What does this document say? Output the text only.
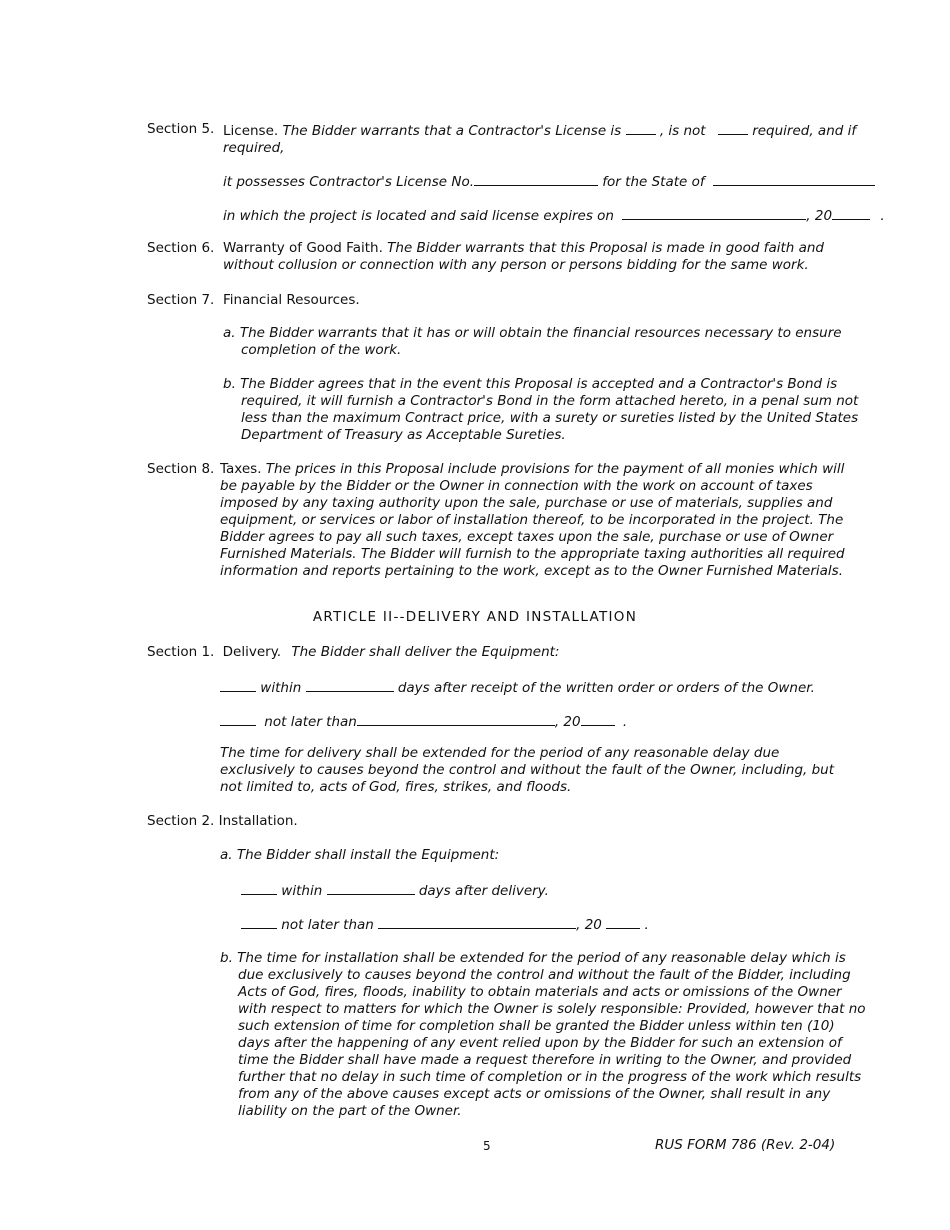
Section 5. License. The Bidder warrants that a Contractor's License is	, is not	required, and if required,
it possesses Contractor's License No.	for the State of
in which the project is located and said license expires on	, 20	.
Section 6. Warranty of Good Faith. The Bidder warrants that this Proposal is made in good faith and without collusion or connection with any person or persons bidding for the same work.
Section 7. Financial Resources.
a. The Bidder warrants that it has or will obtain the financial resources necessary to ensure completion of the work.
b. The Bidder agrees that in the event this Proposal is accepted and a Contractor's Bond is required, it will furnish a Contractor's Bond in the form attached hereto, in a penal sum not less than the maximum Contract price, with a surety or sureties listed by the United States Department of Treasury as Acceptable Sureties.
Section 8. Taxes. The prices in this Proposal include provisions for the payment of all monies which will be payable by the Bidder or the Owner in connection with the work on account of taxes imposed by any taxing authority upon the sale, purchase or use of materials, supplies and equipment, or services or labor of installation thereof, to be incorporated in the project. The Bidder agrees to pay all such taxes, except taxes upon the sale, purchase or use of Owner Furnished Materials. The Bidder will furnish to the appropriate taxing authorities all required information and reports pertaining to the work, except as to the Owner Furnished Materials.
ARTICLE II--DELIVERY AND INSTALLATION
Section 1. Delivery. The Bidder shall deliver the Equipment:
within	days after receipt of the written order or orders of the Owner.
not later than	, 20	.
The time for delivery shall be extended for the period of any reasonable delay due exclusively to causes beyond the control and without the fault of the Owner, including, but not limited to, acts of God, fires, strikes, and floods.
Section 2. Installation.
a. The Bidder shall install the Equipment:
within	days after delivery.
not later than	, 20	.
b. The time for installation shall be extended for the period of any reasonable delay which is due exclusively to causes beyond the control and without the fault of the Bidder, including Acts of God, fires, floods, inability to obtain materials and acts or omissions of the Owner with respect to matters for which the Owner is solely responsible: Provided, however that no such extension of time for completion shall be granted the Bidder unless within ten (10) days after the happening of any event relied upon by the Bidder for such an extension of time the Bidder shall have made a request therefore in writing to the Owner, and provided further that no delay in such time of completion or in the progress of the work which results from any of the above causes except acts or omissions of the Owner, shall result in any liability on the part of the Owner.
5	RUS FORM 786 (Rev. 2-04)
